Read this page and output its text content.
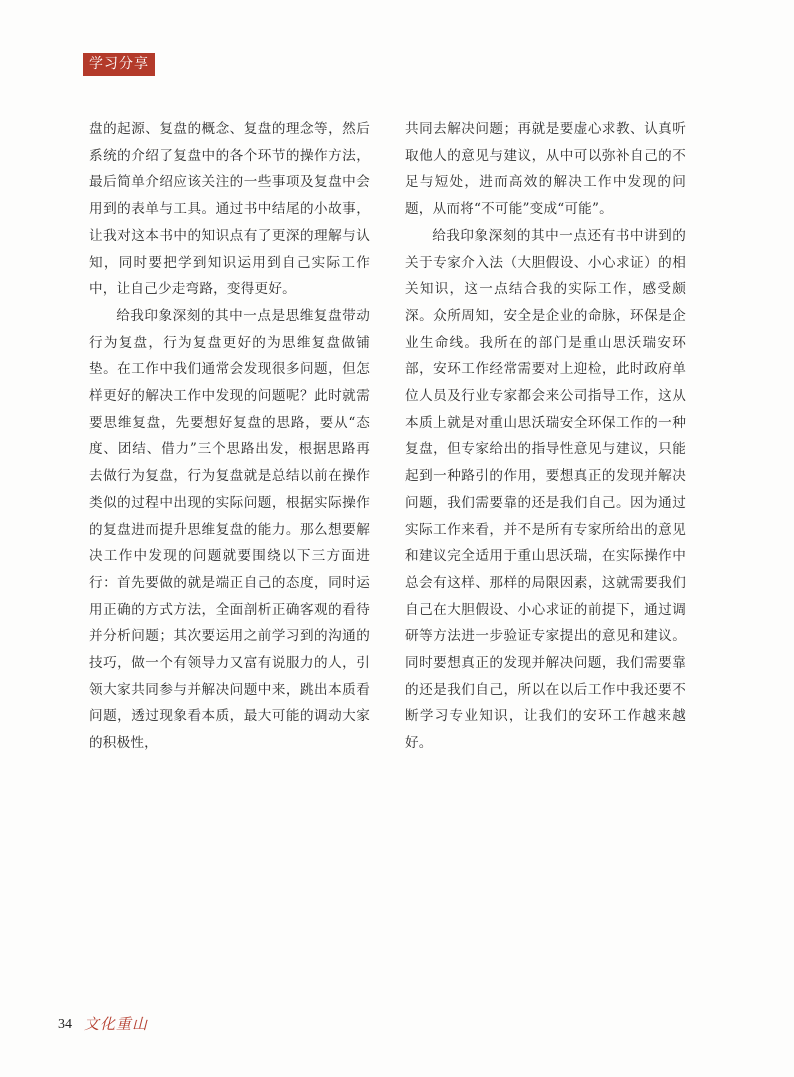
学习分享

盘的起源、复盘的概念、复盘的理念等，然后系统的介绍了复盘中的各个环节的操作方法，最后简单介绍应该关注的一些事项及复盘中会用到的表单与工具。通过书中结尾的小故事，让我对这本书中的知识点有了更深的理解与认知，同时要把学到知识运用到自己实际工作中，让自己少走弯路，变得更好。

给我印象深刻的其中一点是思维复盘带动行为复盘，行为复盘更好的为思维复盘做铺垫。在工作中我们通常会发现很多问题，但怎样更好的解决工作中发现的问题呢？此时就需要思维复盘，先要想好复盘的思路，要从“态度、团结、借力”三个思路出发，根据思路再去做行为复盘，行为复盘就是总结以前在操作类似的过程中出现的实际问题，根据实际操作的复盘进而提升思维复盘的能力。那么想要解决工作中发现的问题就要围绕以下三方面进行：首先要做的就是端正自己的态度，同时运用正确的方式方法，全面剖析正确客观的看待并分析问题；其次要运用之前学习到的沟通的技巧，做一个有领导力又富有说服力的人，引领大家共同参与并解决问题中来，跳出本质看问题，透过现象看本质，最大可能的调动大家的积极性，

共同去解决问题；再就是要虚心求教、认真听取他人的意见与建议，从中可以弥补自己的不足与短处，进而高效的解决工作中发现的问题，从而将“不可能”变成“可能”。

给我印象深刻的其中一点还有书中讲到的关于专家介入法（大胆假设、小心求证）的相关知识，这一点结合我的实际工作，感受颇深。众所周知，安全是企业的命脉，环保是企业生命线。我所在的部门是重山思沃瑞安环部，安环工作经常需要对上迎检，此时政府单位人员及行业专家都会来公司指导工作，这从本质上就是对重山思沃瑞安全环保工作的一种复盘，但专家给出的指导性意见与建议，只能起到一种路引的作用，要想真正的发现并解决问题，我们需要靠的还是我们自己。因为通过实际工作来看，并不是所有专家所给出的意见和建议完全适用于重山思沃瑞，在实际操作中总会有这样、那样的局限因素，这就需要我们自己在大胆假设、小心求证的前提下，通过调研等方法进一步验证专家提出的意见和建议。同时要想真正的发现并解决问题，我们需要靠的还是我们自己，所以在以后工作中我还要不断学习专业知识，让我们的安环工作越来越好。

34 文化重山
